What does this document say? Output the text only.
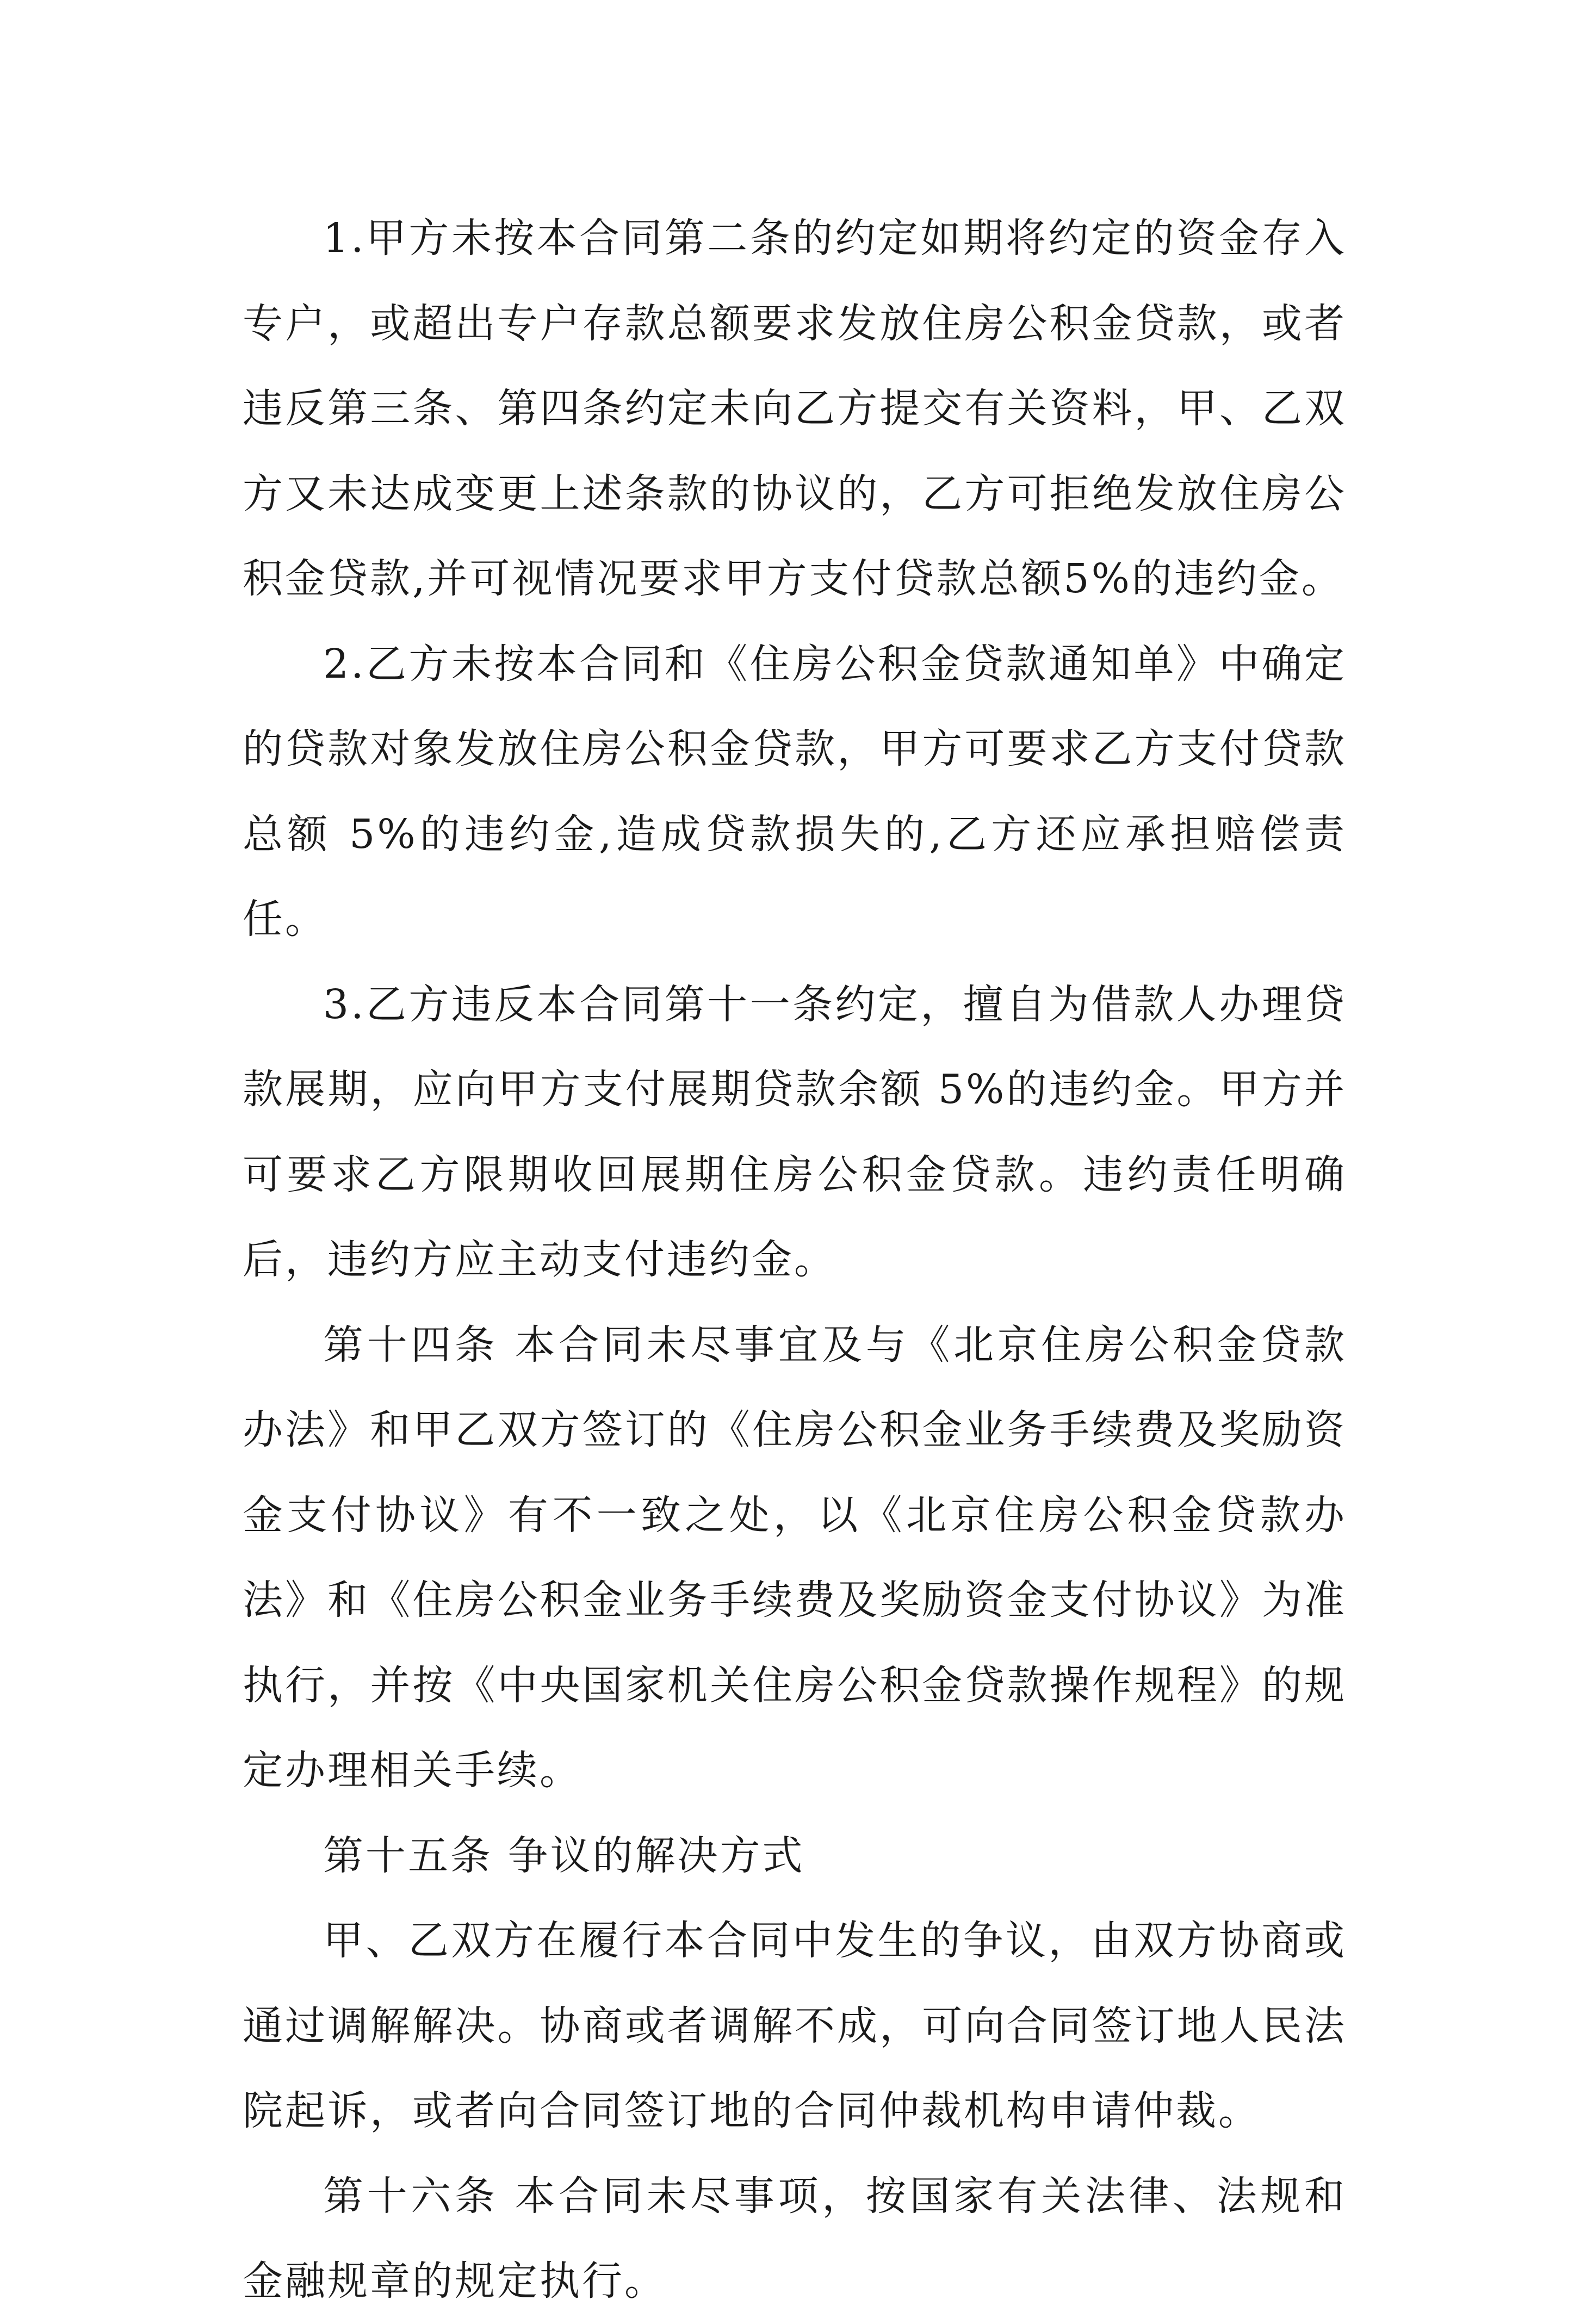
1.甲方未按本合同第二条的约定如期将约定的资金存入专户，或超出专户存款总额要求发放住房公积金贷款，或者违反第三条、第四条约定未向乙方提交有关资料，甲、乙双方又未达成变更上述条款的协议的，乙方可拒绝发放住房公积金贷款,并可视情况要求甲方支付贷款总额5%的违约金。

2.乙方未按本合同和《住房公积金贷款通知单》中确定的贷款对象发放住房公积金贷款，甲方可要求乙方支付贷款总额 5%的违约金,造成贷款损失的,乙方还应承担赔偿责任。

3.乙方违反本合同第十一条约定，擅自为借款人办理贷款展期，应向甲方支付展期贷款余额 5%的违约金。甲方并可要求乙方限期收回展期住房公积金贷款。违约责任明确后，违约方应主动支付违约金。

第十四条 本合同未尽事宜及与《北京住房公积金贷款办法》和甲乙双方签订的《住房公积金业务手续费及奖励资金支付协议》有不一致之处，以《北京住房公积金贷款办法》和《住房公积金业务手续费及奖励资金支付协议》为准执行，并按《中央国家机关住房公积金贷款操作规程》的规定办理相关手续。

第十五条 争议的解决方式

甲、乙双方在履行本合同中发生的争议，由双方协商或通过调解解决。协商或者调解不成，可向合同签订地人民法院起诉，或者向合同签订地的合同仲裁机构申请仲裁。

第十六条 本合同未尽事项，按国家有关法律、法规和金融规章的规定执行。
